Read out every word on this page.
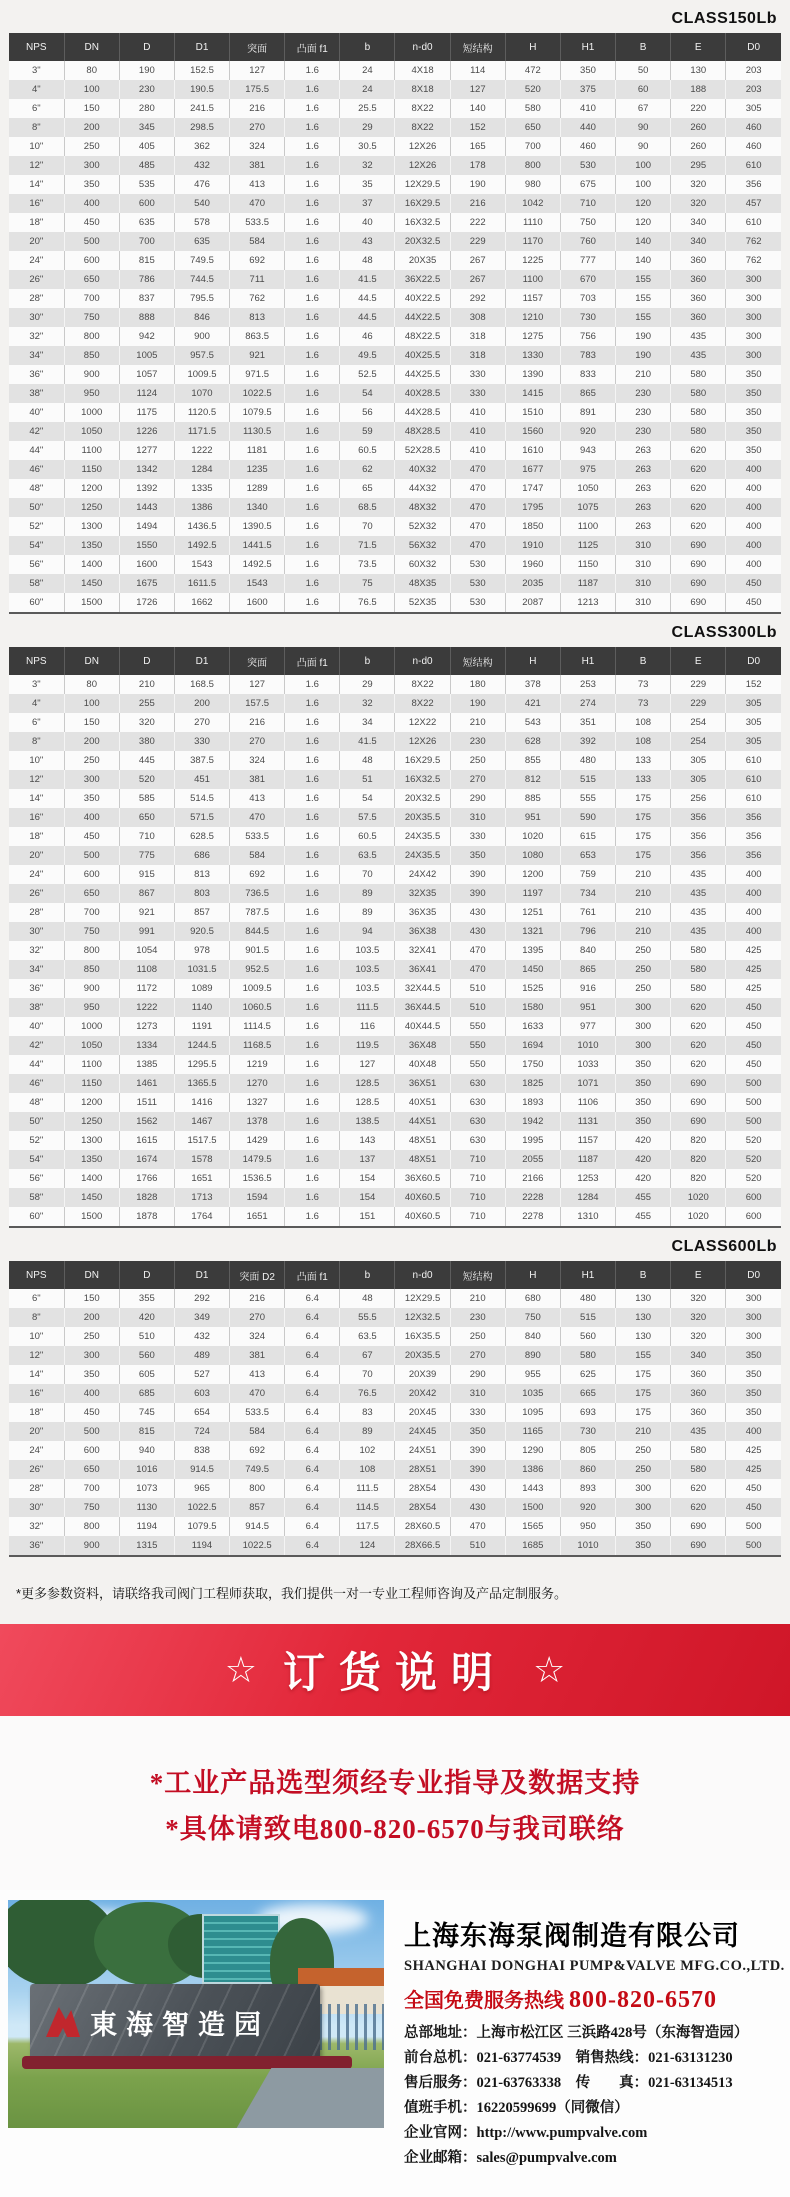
CLASS150Lb
NPS	DN	D	D1	突面	凸面 f1	b	n-d0	短结构	H	H1	B	E	D0
3"	80	190	152.5	127	1.6	24	4X18	114	472	350	50	130	203
4"	100	230	190.5	175.5	1.6	24	8X18	127	520	375	60	188	203
6"	150	280	241.5	216	1.6	25.5	8X22	140	580	410	67	220	305
8"	200	345	298.5	270	1.6	29	8X22	152	650	440	90	260	460
10"	250	405	362	324	1.6	30.5	12X26	165	700	460	90	260	460
12"	300	485	432	381	1.6	32	12X26	178	800	530	100	295	610
14"	350	535	476	413	1.6	35	12X29.5	190	980	675	100	320	356
16"	400	600	540	470	1.6	37	16X29.5	216	1042	710	120	320	457
18"	450	635	578	533.5	1.6	40	16X32.5	222	1110	750	120	340	610
20"	500	700	635	584	1.6	43	20X32.5	229	1170	760	140	340	762
24"	600	815	749.5	692	1.6	48	20X35	267	1225	777	140	360	762
26"	650	786	744.5	711	1.6	41.5	36X22.5	267	1100	670	155	360	300
28"	700	837	795.5	762	1.6	44.5	40X22.5	292	1157	703	155	360	300
30"	750	888	846	813	1.6	44.5	44X22.5	308	1210	730	155	360	300
32"	800	942	900	863.5	1.6	46	48X22.5	318	1275	756	190	435	300
34"	850	1005	957.5	921	1.6	49.5	40X25.5	318	1330	783	190	435	300
36"	900	1057	1009.5	971.5	1.6	52.5	44X25.5	330	1390	833	210	580	350
38"	950	1124	1070	1022.5	1.6	54	40X28.5	330	1415	865	230	580	350
40"	1000	1175	1120.5	1079.5	1.6	56	44X28.5	410	1510	891	230	580	350
42"	1050	1226	1171.5	1130.5	1.6	59	48X28.5	410	1560	920	230	580	350
44"	1100	1277	1222	1181	1.6	60.5	52X28.5	410	1610	943	263	620	350
46"	1150	1342	1284	1235	1.6	62	40X32	470	1677	975	263	620	400
48"	1200	1392	1335	1289	1.6	65	44X32	470	1747	1050	263	620	400
50"	1250	1443	1386	1340	1.6	68.5	48X32	470	1795	1075	263	620	400
52"	1300	1494	1436.5	1390.5	1.6	70	52X32	470	1850	1100	263	620	400
54"	1350	1550	1492.5	1441.5	1.6	71.5	56X32	470	1910	1125	310	690	400
56"	1400	1600	1543	1492.5	1.6	73.5	60X32	530	1960	1150	310	690	400
58"	1450	1675	1611.5	1543	1.6	75	48X35	530	2035	1187	310	690	450
60"	1500	1726	1662	1600	1.6	76.5	52X35	530	2087	1213	310	690	450
CLASS300Lb
NPS	DN	D	D1	突面	凸面 f1	b	n-d0	短结构	H	H1	B	E	D0
3"	80	210	168.5	127	1.6	29	8X22	180	378	253	73	229	152
4"	100	255	200	157.5	1.6	32	8X22	190	421	274	73	229	305
6"	150	320	270	216	1.6	34	12X22	210	543	351	108	254	305
8"	200	380	330	270	1.6	41.5	12X26	230	628	392	108	254	305
10"	250	445	387.5	324	1.6	48	16X29.5	250	855	480	133	305	610
12"	300	520	451	381	1.6	51	16X32.5	270	812	515	133	305	610
14"	350	585	514.5	413	1.6	54	20X32.5	290	885	555	175	256	610
16"	400	650	571.5	470	1.6	57.5	20X35.5	310	951	590	175	356	356
18"	450	710	628.5	533.5	1.6	60.5	24X35.5	330	1020	615	175	356	356
20"	500	775	686	584	1.6	63.5	24X35.5	350	1080	653	175	356	356
24"	600	915	813	692	1.6	70	24X42	390	1200	759	210	435	400
26"	650	867	803	736.5	1.6	89	32X35	390	1197	734	210	435	400
28"	700	921	857	787.5	1.6	89	36X35	430	1251	761	210	435	400
30"	750	991	920.5	844.5	1.6	94	36X38	430	1321	796	210	435	400
32"	800	1054	978	901.5	1.6	103.5	32X41	470	1395	840	250	580	425
34"	850	1108	1031.5	952.5	1.6	103.5	36X41	470	1450	865	250	580	425
36"	900	1172	1089	1009.5	1.6	103.5	32X44.5	510	1525	916	250	580	425
38"	950	1222	1140	1060.5	1.6	111.5	36X44.5	510	1580	951	300	620	450
40"	1000	1273	1191	1114.5	1.6	116	40X44.5	550	1633	977	300	620	450
42"	1050	1334	1244.5	1168.5	1.6	119.5	36X48	550	1694	1010	300	620	450
44"	1100	1385	1295.5	1219	1.6	127	40X48	550	1750	1033	350	620	450
46"	1150	1461	1365.5	1270	1.6	128.5	36X51	630	1825	1071	350	690	500
48"	1200	1511	1416	1327	1.6	128.5	40X51	630	1893	1106	350	690	500
50"	1250	1562	1467	1378	1.6	138.5	44X51	630	1942	1131	350	690	500
52"	1300	1615	1517.5	1429	1.6	143	48X51	630	1995	1157	420	820	520
54"	1350	1674	1578	1479.5	1.6	137	48X51	710	2055	1187	420	820	520
56"	1400	1766	1651	1536.5	1.6	154	36X60.5	710	2166	1253	420	820	520
58"	1450	1828	1713	1594	1.6	154	40X60.5	710	2228	1284	455	1020	600
60"	1500	1878	1764	1651	1.6	151	40X60.5	710	2278	1310	455	1020	600
CLASS600Lb
NPS	DN	D	D1	突面 D2	凸面 f1	b	n-d0	短结构	H	H1	B	E	D0
6"	150	355	292	216	6.4	48	12X29.5	210	680	480	130	320	300
8"	200	420	349	270	6.4	55.5	12X32.5	230	750	515	130	320	300
10"	250	510	432	324	6.4	63.5	16X35.5	250	840	560	130	320	300
12"	300	560	489	381	6.4	67	20X35.5	270	890	580	155	340	350
14"	350	605	527	413	6.4	70	20X39	290	955	625	175	360	350
16"	400	685	603	470	6.4	76.5	20X42	310	1035	665	175	360	350
18"	450	745	654	533.5	6.4	83	20X45	330	1095	693	175	360	350
20"	500	815	724	584	6.4	89	24X45	350	1165	730	210	435	400
24"	600	940	838	692	6.4	102	24X51	390	1290	805	250	580	425
26"	650	1016	914.5	749.5	6.4	108	28X51	390	1386	860	250	580	425
28"	700	1073	965	800	6.4	111.5	28X54	430	1443	893	300	620	450
30"	750	1130	1022.5	857	6.4	114.5	28X54	430	1500	920	300	620	450
32"	800	1194	1079.5	914.5	6.4	117.5	28X60.5	470	1565	950	350	690	500
36"	900	1315	1194	1022.5	6.4	124	28X66.5	510	1685	1010	350	690	500
*更多参数资料，请联络我司阀门工程师获取，我们提供一对一专业工程师咨询及产品定制服务。
☆ 订货说明 ☆
*工业产品选型须经专业指导及数据支持
*具体请致电800-820-6570与我司联络
東海智造园
上海东海泵阀制造有限公司
SHANGHAI DONGHAI PUMP&VALVE MFG.CO.,LTD.
全国免费服务热线 800-820-6570
总部地址：上海市松江区 三浜路428号（东海智造园）
前台总机：021-63774539　销售热线：021-63131230
售后服务：021-63763338　传　　真：021-63134513
值班手机：16220599699（同微信）
企业官网：http://www.pumpvalve.com
企业邮箱：sales@pumpvalve.com
